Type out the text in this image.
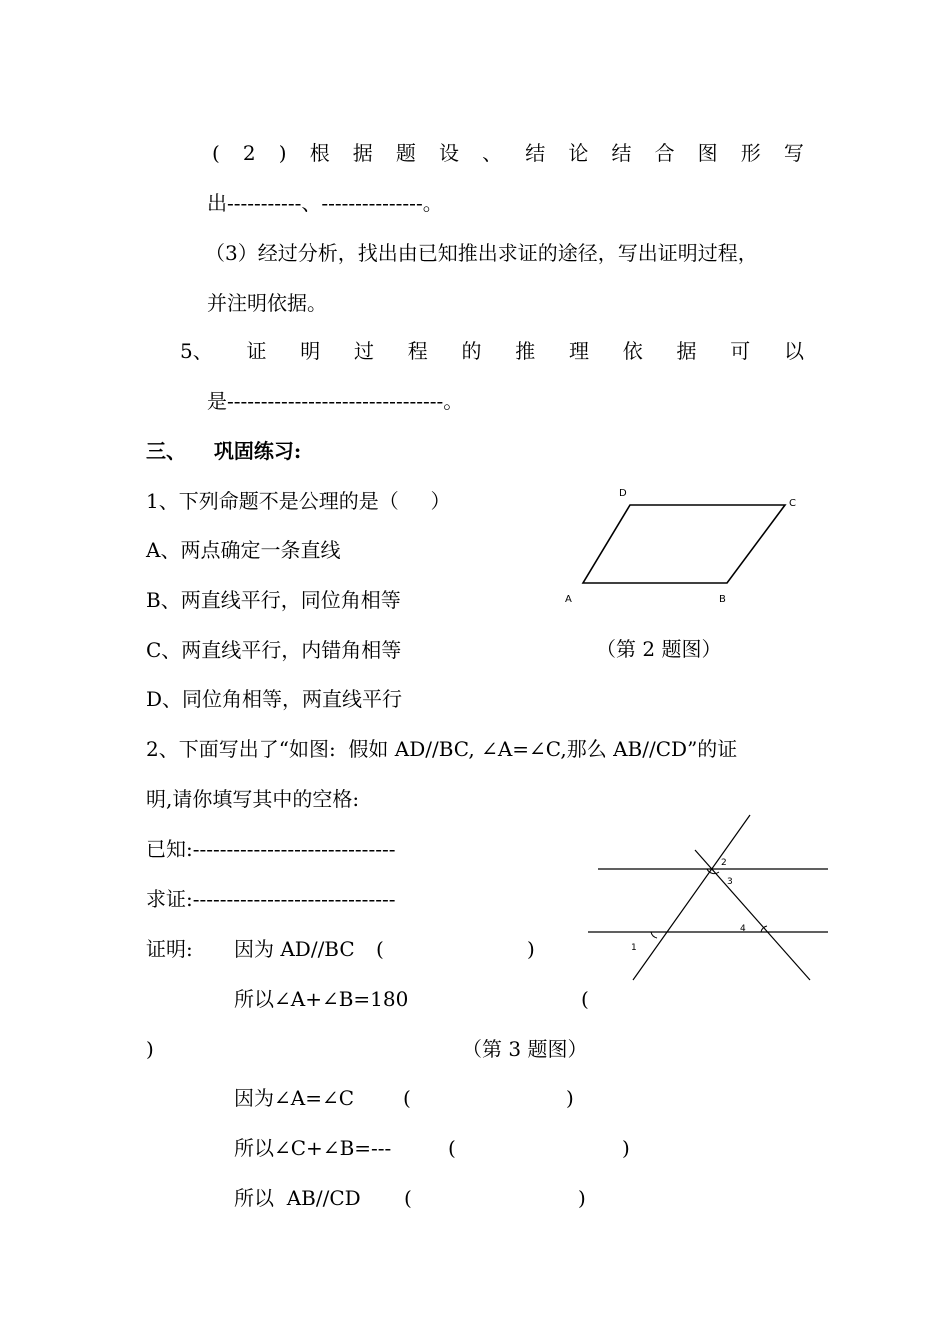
( 2 ) 根 据 题 设 、 结 论 结 合 图 形 写
出-----------、---------------。
（3）经过分析，找出由已知推出求证的途径，写出证明过程，
并注明依据。
5、 证 明 过 程 的 推 理 依 据 可 以
是--------------------------------。
三、    巩固练习:
1、下列命题不是公理的是（     ）
A、两点确定一条直线
B、两直线平行，同位角相等
C、两直线平行，内错角相等
D、同位角相等，两直线平行
D
C
A	B
（第 2 题图）
2、下面写出了“如图:  假如 AD//BC, ∠A=∠C,那么 AB//CD”的证
明,请你填写其中的空格:
已知:------------------------------
求证:------------------------------
证明: 因为 AD//BC (	)
所以∠A+∠B=180	(
)	（第 3 题图）
因为∠A=∠C (	)
所以∠C+∠B=---	(	)
所以  AB//CD (	)
2
3
4
1
